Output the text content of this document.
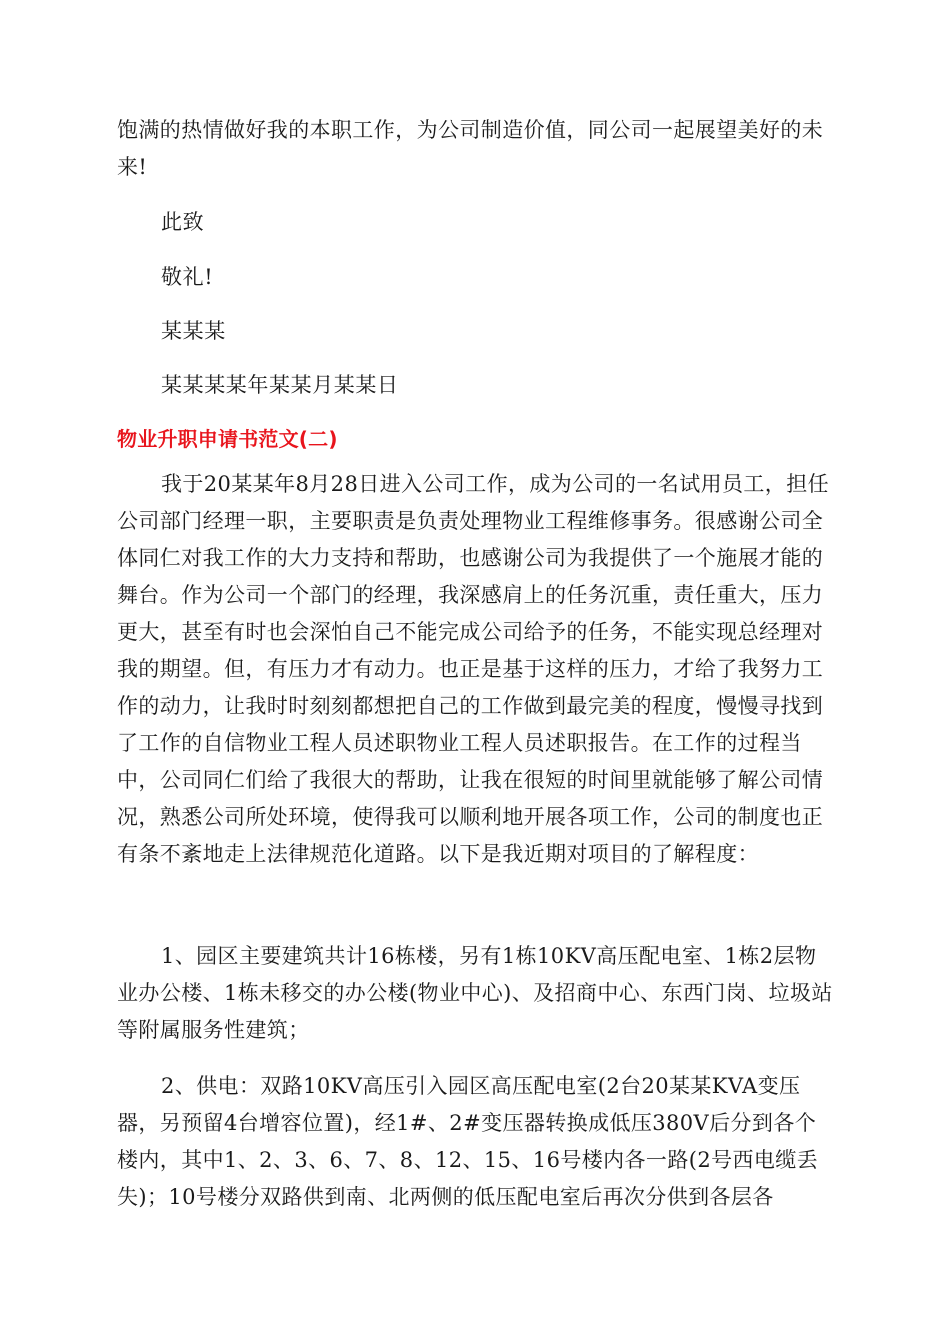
饱满的热情做好我的本职工作，为公司制造价值，同公司一起展望美好的未来!

此致

敬礼!

某某某

某某某某年某某月某某日

物业升职申请书范文(二)

我于20某某年8月28日进入公司工作，成为公司的一名试用员工，担任公司部门经理一职，主要职责是负责处理物业工程维修事务。很感谢公司全体同仁对我工作的大力支持和帮助，也感谢公司为我提供了一个施展才能的舞台。作为公司一个部门的经理，我深感肩上的任务沉重，责任重大，压力更大，甚至有时也会深怕自己不能完成公司给予的任务，不能实现总经理对我的期望。但，有压力才有动力。也正是基于这样的压力，才给了我努力工作的动力，让我时时刻刻都想把自己的工作做到最完美的程度，慢慢寻找到了工作的自信物业工程人员述职物业工程人员述职报告。在工作的过程当中，公司同仁们给了我很大的帮助，让我在很短的时间里就能够了解公司情况，熟悉公司所处环境，使得我可以顺利地开展各项工作，公司的制度也正有条不紊地走上法律规范化道路。以下是我近期对项目的了解程度：

1、园区主要建筑共计16栋楼，另有1栋10KV高压配电室、1栋2层物业办公楼、1栋未移交的办公楼(物业中心)、及招商中心、东西门岗、垃圾站等附属服务性建筑；

2、供电：双路10KV高压引入园区高压配电室(2台20某某KVA变压器，另预留4台增容位置)，经1#、2#变压器转换成低压380V后分到各个楼内，其中1、2、3、6、7、8、12、15、16号楼内各一路(2号西电缆丢失)；10号楼分双路供到南、北两侧的低压配电室后再次分供到各层各
